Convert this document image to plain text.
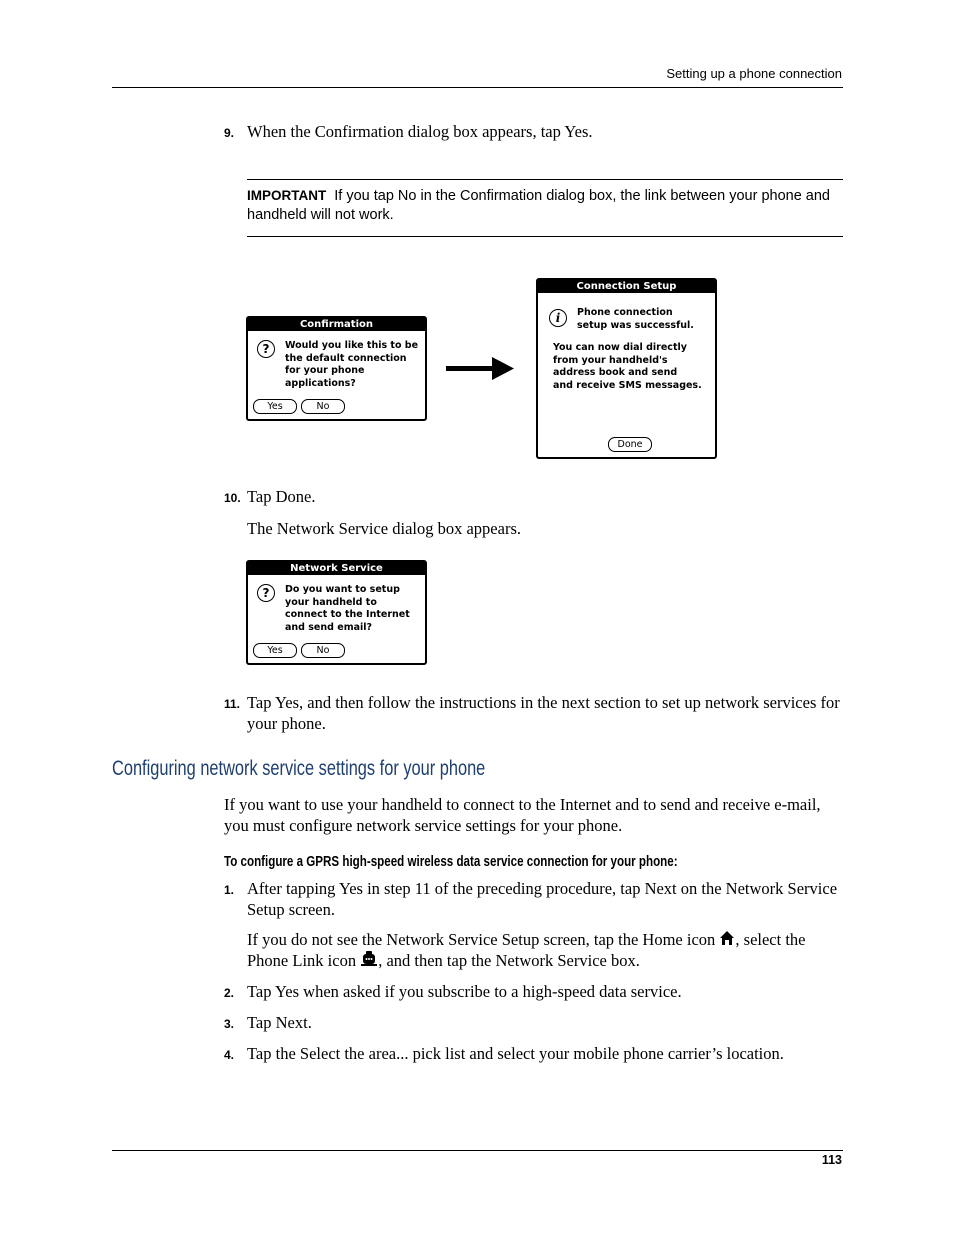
Setting up a phone connection
9. When the Confirmation dialog box appears, tap Yes.
IMPORTANT If you tap No in the Confirmation dialog box, the link between your phone and handheld will not work.
Confirmation
?	Would you like this to be
the default connection
for your phone
applications?
Yes	No
Connection Setup
i	Phone connection
setup was successful.
You can now dial directly
from your handheld's
address book and send
and receive SMS messages.
Done
10. Tap Done.
The Network Service dialog box appears.
Network Service
?	Do you want to setup
your handheld to
connect to the Internet
and send email?
Yes	No
11. Tap Yes, and then follow the instructions in the next section to set up network services for your phone.
Configuring network service settings for your phone
If you want to use your handheld to connect to the Internet and to send and receive e-mail, you must configure network service settings for your phone.
To configure a GPRS high-speed wireless data service connection for your phone:
1. After tapping Yes in step 11 of the preceding procedure, tap Next on the Network Service Setup screen.
If you do not see the Network Service Setup screen, tap the Home icon , select the Phone Link icon , and then tap the Network Service box.
2. Tap Yes when asked if you subscribe to a high-speed data service.
3. Tap Next.
4. Tap the Select the area... pick list and select your mobile phone carrier’s location.
113
